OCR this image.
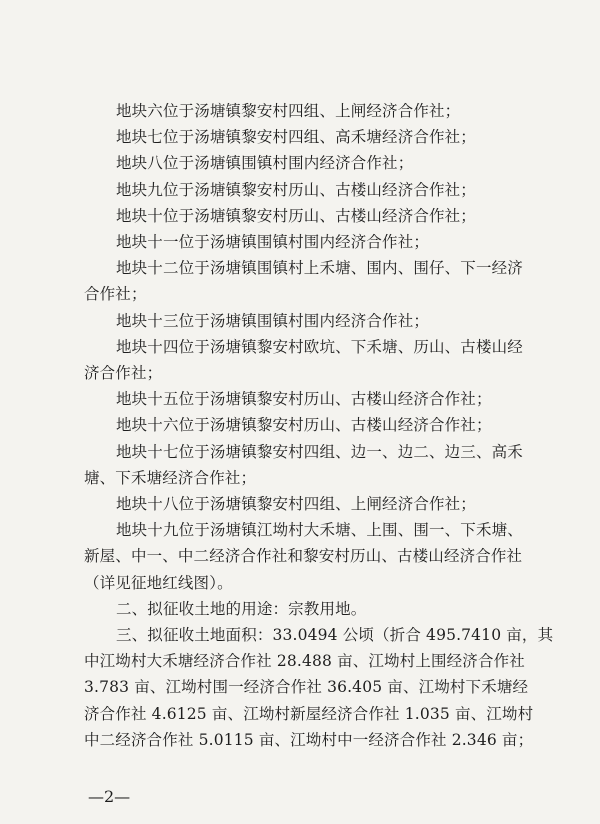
地块六位于汤塘镇黎安村四组、上闸经济合作社；

地块七位于汤塘镇黎安村四组、高禾塘经济合作社；

地块八位于汤塘镇围镇村围内经济合作社；

地块九位于汤塘镇黎安村历山、古楼山经济合作社；

地块十位于汤塘镇黎安村历山、古楼山经济合作社；

地块十一位于汤塘镇围镇村围内经济合作社；

地块十二位于汤塘镇围镇村上禾塘、围内、围仔、下一经济
合作社；

地块十三位于汤塘镇围镇村围内经济合作社；

地块十四位于汤塘镇黎安村欧坑、下禾塘、历山、古楼山经
济合作社；

地块十五位于汤塘镇黎安村历山、古楼山经济合作社；

地块十六位于汤塘镇黎安村历山、古楼山经济合作社；

地块十七位于汤塘镇黎安村四组、边一、边二、边三、高禾
塘、下禾塘经济合作社；

地块十八位于汤塘镇黎安村四组、上闸经济合作社；

地块十九位于汤塘镇江坳村大禾塘、上围、围一、下禾塘、
新屋、中一、中二经济合作社和黎安村历山、古楼山经济合作社
（详见征地红线图）。

二、拟征收土地的用途：宗教用地。

三、拟征收土地面积：33.0494 公顷（折合 495.7410 亩，其
中江坳村大禾塘经济合作社 28.488 亩、江坳村上围经济合作社
3.783 亩、江坳村围一经济合作社 36.405 亩、江坳村下禾塘经
济合作社 4.6125 亩、江坳村新屋经济合作社 1.035 亩、江坳村
中二经济合作社 5.0115 亩、江坳村中一经济合作社 2.346 亩；

—2—
